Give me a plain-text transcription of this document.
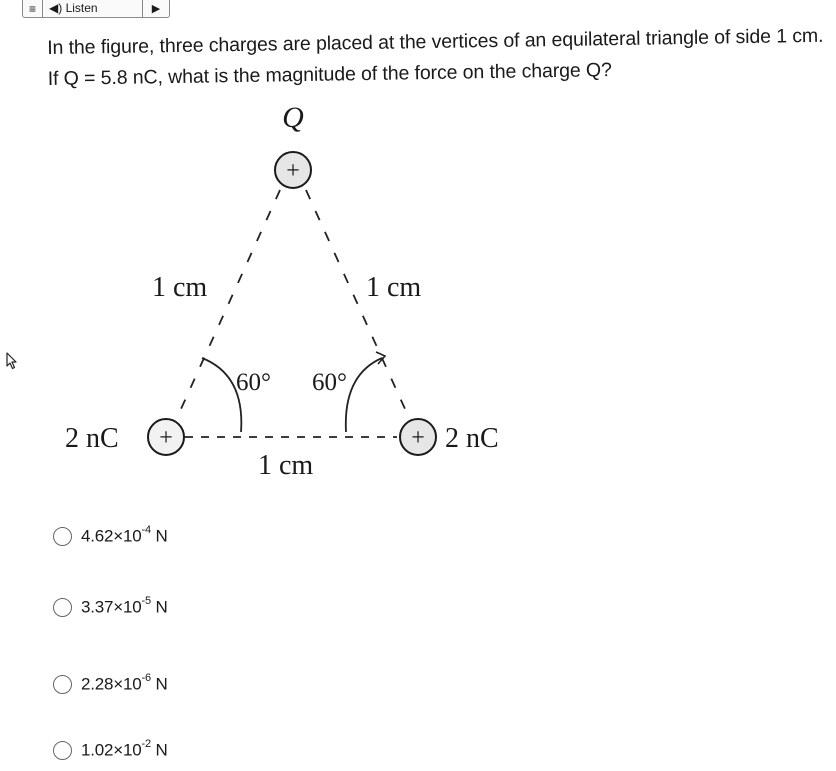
≡	◀) Listen	▶
In the figure, three charges are placed at the vertices of an equilateral triangle of side 1 cm. If Q = 5.8 nC, what is the magnitude of the force on the charge Q?
+
+	+
Q
2 nC	2 nC
1 cm	1 cm
1 cm
60° 60°
$4.62\times 10^{-4}$ N
$3.37\times 10^{-5}$ N
$2.28\times 10^{-6}$ N
$1.02\times 10^{-2}$ N
